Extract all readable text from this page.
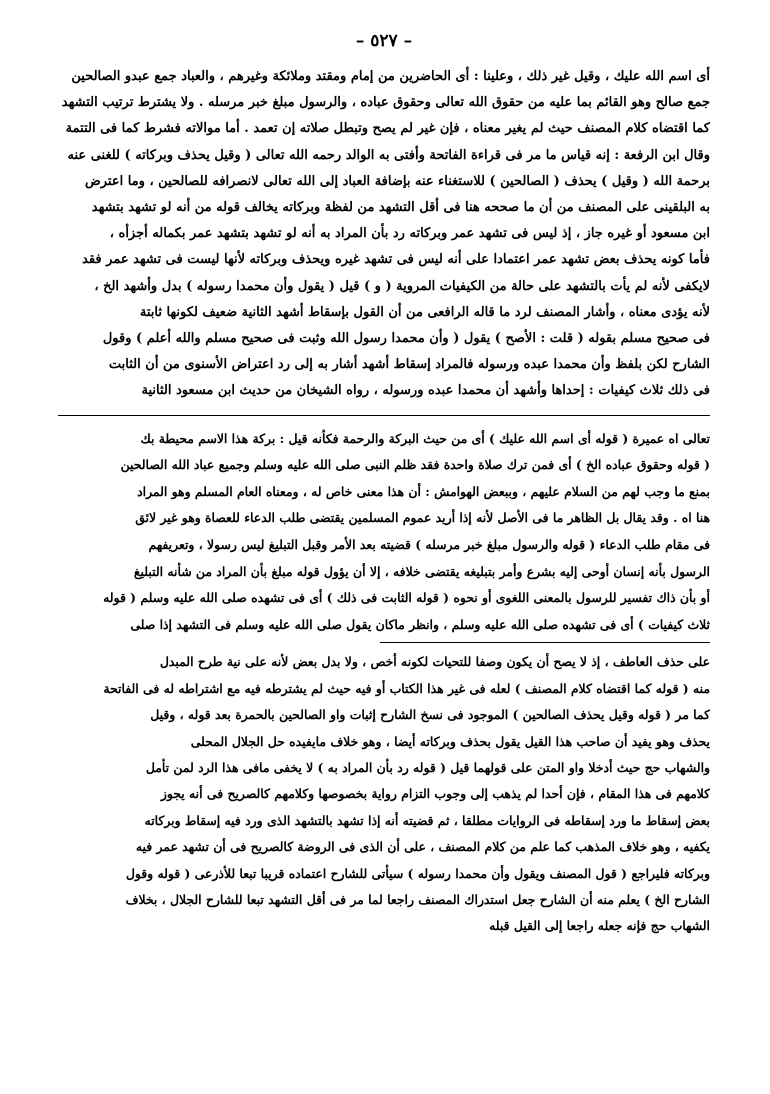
– ٥٢٧ –
أى اسم الله عليك ، وقيل غير ذلك ، وعلينا : أى الحاضرين من إمام ومقتد وملائكة وغيرهم ، والعباد جمع عبدو الصالحين
جمع صالح وهو القائم بما عليه من حقوق الله تعالى وحقوق عباده ، والرسول مبلغ خبر مرسله . ولا يشترط ترتيب التشهد
كما اقتضاه كلام المصنف حيث لم يغير معناه ، فإن غير لم يصح وتبطل صلاته إن تعمد . أما موالاته فشرط كما فى التتمة
وقال ابن الرفعة : إنه قياس ما مر فى قراءة الفاتحة وأفتى به الوالد رحمه الله تعالى ( وقيل يحذف وبركاته ) للغنى عنه
برحمة الله ( وقيل ) يحذف ( الصالحين ) للاستغناء عنه بإضافة العباد إلى الله تعالى لانصرافه للصالحين ، وما اعترض
به البلقينى على المصنف من أن ما صححه هنا فى أقل التشهد من لفظة وبركاته يخالف قوله من أنه لو تشهد بتشهد
ابن مسعود أو غيره جاز ، إذ ليس فى تشهد عمر وبركاته رد بأن المراد به أنه لو تشهد بتشهد عمر بكماله أجزأه ،
فأما كونه يحذف بعض تشهد عمر اعتمادا على أنه ليس فى تشهد غيره ويحذف وبركاته لأنها ليست فى تشهد عمر فقد
لايكفى لأنه لم يأت بالتشهد على حالة من الكيفيات المروية ( و ) قيل ( يقول وأن محمدا رسوله ) بدل وأشهد الخ ،
لأنه يؤدى معناه ، وأشار المصنف لرد ما قاله الرافعى من أن القول بإسقاط أشهد الثانية ضعيف لكونها ثابتة
فى صحيح مسلم بقوله ( قلت : الأصح ) يقول ( وأن محمدا رسول الله وثبت فى صحيح مسلم والله أعلم ) وقول
الشارح لكن بلفظ وأن محمدا عبده ورسوله فالمراد إسقاط أشهد أشار به إلى رد اعتراض الأسنوى من أن الثابت
فى ذلك ثلاث كيفيات : إحداها وأشهد أن محمدا عبده ورسوله ، رواه الشيخان من حديث ابن مسعود الثانية
تعالى اه عميرة ( قوله أى اسم الله عليك ) أى من حيث البركة والرحمة فكأنه قيل : بركة هذا الاسم محيطة بك
( قوله وحقوق عباده الخ ) أى فمن ترك صلاة واحدة فقد ظلم النبى صلى الله عليه وسلم وجميع عباد الله الصالحين
بمنع ما وجب لهم من السلام عليهم ، وببعض الهوامش : أن هذا معنى خاص له ، ومعناه العام المسلم وهو المراد
هنا اه . وقد يقال بل الظاهر ما فى الأصل لأنه إذا أريد عموم المسلمين يقتضى طلب الدعاء للعصاة وهو غير لائق
فى مقام طلب الدعاء ( قوله والرسول مبلغ خبر مرسله ) قضيته بعد الأمر وقبل التبليغ ليس رسولا ، وتعريفهم
الرسول بأنه إنسان أوحى إليه بشرع وأمر بتبليغه يقتضى خلافه ، إلا أن يؤول قوله مبلغ بأن المراد من شأنه التبليغ
أو بأن ذاك تفسير للرسول بالمعنى اللغوى أو نحوه ( قوله الثابت فى ذلك ) أى فى تشهده صلى الله عليه وسلم ( قوله
ثلاث كيفيات ) أى فى تشهده صلى الله عليه وسلم ، وانظر ماكان يقول صلى الله عليه وسلم فى التشهد إذا صلى
على حذف العاطف ، إذ لا يصح أن يكون وصفا للتحيات لكونه أخص ، ولا بدل بعض لأنه على نية طرح المبدل
منه ( قوله كما اقتضاه كلام المصنف ) لعله فى غير هذا الكتاب أو فيه حيث لم يشترطه فيه مع اشتراطه له فى الفاتحة
كما مر ( قوله وقيل يحذف الصالحين ) الموجود فى نسخ الشارح إثبات واو الصالحين بالحمرة بعد قوله ، وقيل
يحذف وهو يفيد أن صاحب هذا القيل يقول بحذف وبركاته أيضا ، وهو خلاف مايفيده حل الجلال المحلى
والشهاب حج حيث أدخلا واو المتن على قولهما قيل ( قوله رد بأن المراد به ) لا يخفى مافى هذا الرد لمن تأمل
كلامهم فى هذا المقام ، فإن أحدا لم يذهب إلى وجوب التزام رواية بخصوصها وكلامهم كالصريح فى أنه يجوز
بعض إسقاط ما ورد إسقاطه فى الروايات مطلقا ، ثم قضيته أنه إذا تشهد بالتشهد الذى ورد فيه إسقاط وبركاته
يكفيه ، وهو خلاف المذهب كما علم من كلام المصنف ، على أن الذى فى الروضة كالصريح فى أن تشهد عمر فيه
وبركاته فليراجع ( قول المصنف ويقول وأن محمدا رسوله ) سيأتى للشارح اعتماده قريبا تبعا للأذرعى ( قوله وقول
الشارح الخ ) يعلم منه أن الشارح جعل استدراك المصنف راجعا لما مر فى أقل التشهد تبعا للشارح الجلال ، بخلاف
الشهاب حج فإنه جعله راجعا إلى القيل قبله
